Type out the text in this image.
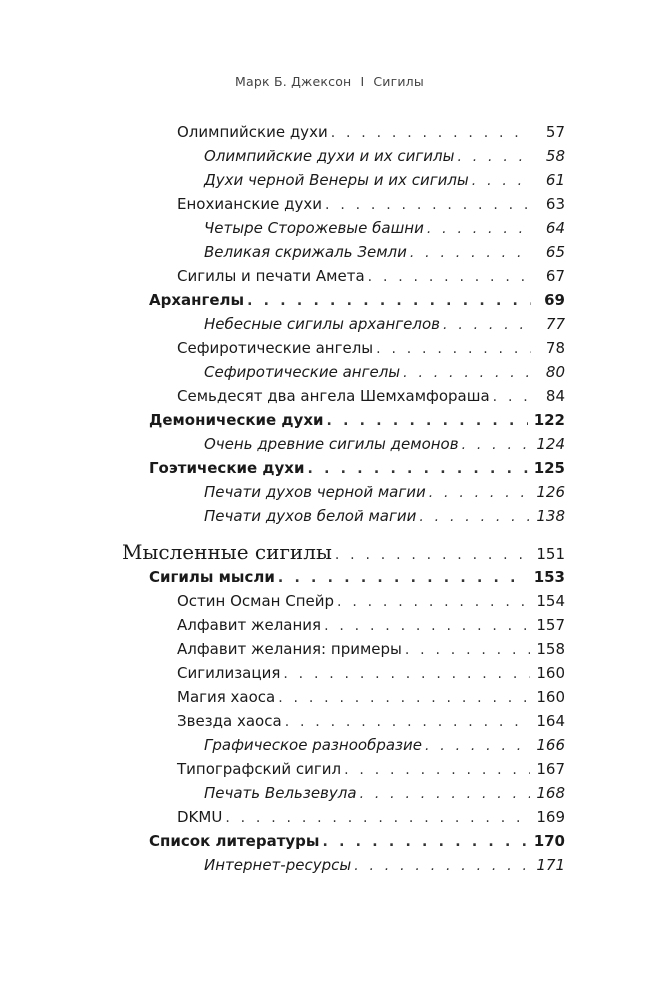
Марк Б. Джексон I Сигилы
Олимпийские духи . . .	57
Олимпийские духи и их сигилы . . .	58
Духи черной Венеры и их сигилы . . .	61
Енохианские духи . . .	63
Четыре Сторожевые башни . . .	64
Великая скрижаль Земли . . .	65
Сигилы и печати Амета . . .	67
Архангелы . . .	69
Небесные сигилы архангелов . . .	77
Сефиротические ангелы . . .	78
Сефиротические ангелы . . .	80
Семьдесят два ангела Шемхамфораша . . .	84
Демонические духи . . .	122
Очень древние сигилы демонов . . .	124
Гоэтические духи . . .	125
Печати духов черной магии . . .	126
Печати духов белой магии . . .	138
Мысленные сигилы . . .	151
Сигилы мысли . . .	153
Остин Осман Спейр . . .	154
Алфавит желания . . .	157
Алфавит желания: примеры . . .	158
Сигилизация . . .	160
Магия хаоса . . .	160
Звезда хаоса . . .	164
Графическое разнообразие . . .	166
Типографский сигил . . .	167
Печать Вельзевула . . .	168
DKMU . . .	169
Список литературы . . .	170
Интернет-ресурсы . . .	171
